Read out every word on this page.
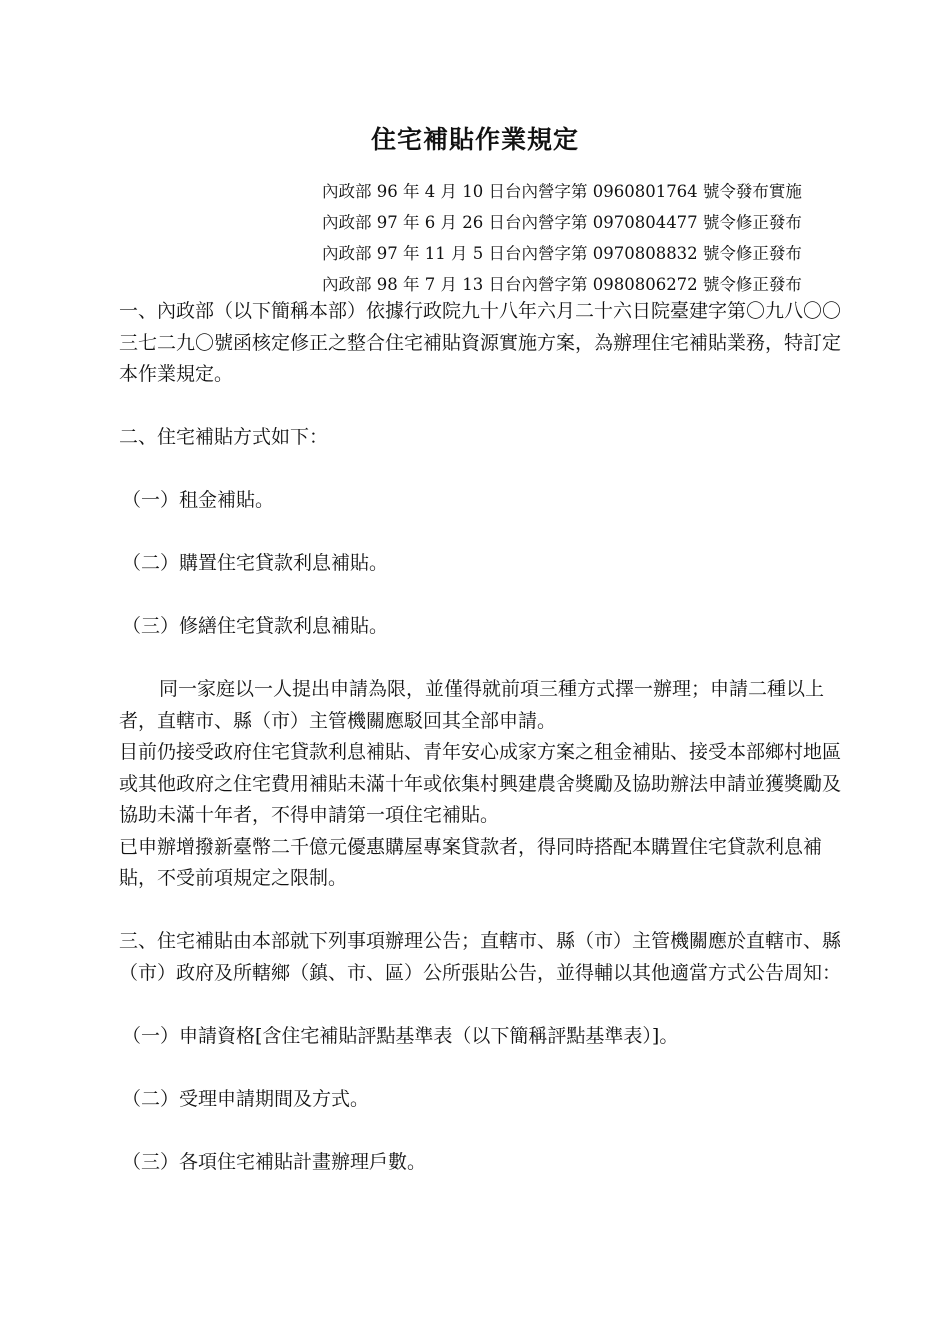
住宅補貼作業規定
內政部 96 年 4 月 10 日台內營字第 0960801764 號令發布實施
內政部 97 年 6 月 26 日台內營字第 0970804477 號令修正發布
內政部 97 年 11 月 5 日台內營字第 0970808832 號令修正發布
內政部 98 年 7 月 13 日台內營字第 0980806272 號令修正發布

一、內政部（以下簡稱本部）依據行政院九十八年六月二十六日院臺建字第〇九八〇〇三七二九〇號函核定修正之整合住宅補貼資源實施方案，為辦理住宅補貼業務，特訂定本作業規定。

二、住宅補貼方式如下：

（一）租金補貼。

（二）購置住宅貸款利息補貼。

（三）修繕住宅貸款利息補貼。

同一家庭以一人提出申請為限，並僅得就前項三種方式擇一辦理；申請二種以上者，直轄市、縣（市）主管機關應駁回其全部申請。

目前仍接受政府住宅貸款利息補貼、青年安心成家方案之租金補貼、接受本部鄉村地區或其他政府之住宅費用補貼未滿十年或依集村興建農舍獎勵及協助辦法申請並獲獎勵及協助未滿十年者，不得申請第一項住宅補貼。

已申辦增撥新臺幣二千億元優惠購屋專案貸款者，得同時搭配本購置住宅貸款利息補貼，不受前項規定之限制。

三、住宅補貼由本部就下列事項辦理公告；直轄市、縣（市）主管機關應於直轄市、縣（市）政府及所轄鄉（鎮、市、區）公所張貼公告，並得輔以其他適當方式公告周知：

（一）申請資格[含住宅補貼評點基準表（以下簡稱評點基準表）]。

（二）受理申請期間及方式。

（三）各項住宅補貼計畫辦理戶數。
